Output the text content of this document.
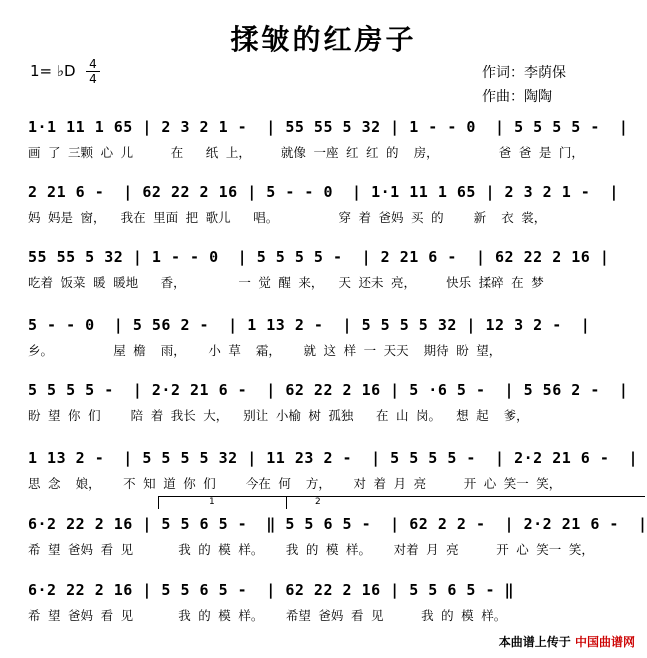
揉皱的红房子
1= ♭D 4
4	作词：李荫保
作曲：陶陶
1·1 11 1 65 | 2 3 2 1 -  | 55 55 5 32 | 1 - - 0  | 5 5 5 5 -  |
画 了 三颗 心 儿     在   纸 上，    就像 一座 红 红 的  房，        爸 爸 是 门，
2 21 6 -  | 62 22 2 16 | 5 - - 0  | 1·1 11 1 65 | 2 3 2 1 -  |
妈 妈是 窗，  我在 里面 把 歌儿   唱。        穿 着 爸妈 买 的    新  衣 裳，
55 55 5 32 | 1 - - 0  | 5 5 5 5 -  | 2 21 6 -  | 62 22 2 16 |
吃着 饭菜 暖 暖地   香，       一 觉 醒 来，  天 还未 亮，    快乐 揉碎 在 梦
5 - - 0  | 5 56 2 -  | 1 13 2 -  | 5 5 5 5 32 | 12 3 2 -  |
乡。        屋 檐  雨，   小 草  霜，   就 这 样 一 天天  期待 盼 望，
5 5 5 5 -  | 2·2 21 6 -  | 62 22 2 16 | 5 ·6 5 -  | 5 56 2 -  |
盼 望 你 们    陪 着 我长 大，  别让 小榆 树 孤独   在 山 岗。  想 起  爹，
1 13 2 -  | 5 5 5 5 32 | 11 23 2 -  | 5 5 5 5 -  | 2·2 21 6 -  |
思 念  娘，   不 知 道 你 们    今在 何  方，   对 着 月 亮     开 心 笑一 笑，
6·2 22 2 16 | 5 5 6 5 -  ‖ 5 5 6 5 -  | 62 2 2 -  | 2·2 21 6 -  |
希 望 爸妈 看 见      我 的 模 样。   我 的 模 样。   对着 月 亮     开 心 笑一 笑，
6·2 22 2 16 | 5 5 6 5 -  | 62 22 2 16 | 5 5 6 5 - ‖
希 望 爸妈 看 见      我 的 模 样。   希望 爸妈 看 见     我 的 模 样。
1	2
本曲谱上传于 中国曲谱网
